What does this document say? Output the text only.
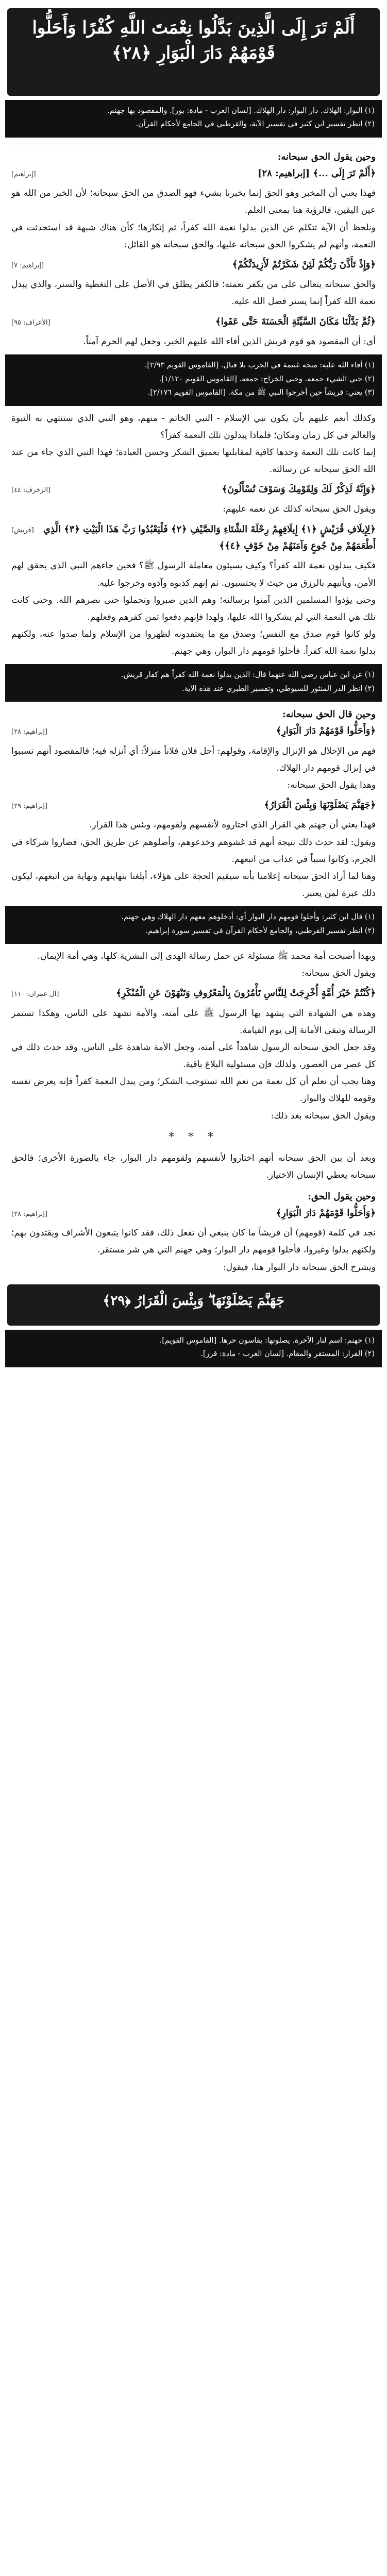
أَلَمْ تَرَ إِلَى الَّذِينَ بَدَّلُوا نِعْمَتَ اللَّهِ كُفْرًا وَأَحَلُّوا قَوْمَهُمْ دَارَ الْبَوَارِ ﴿٢٨﴾

(١) البوار: الهلاك. دار البوار: دار الهلاك. [لسان العرب - مادة: بور]. والمقصود بها جهنم.

(٢) انظر تفسير ابن كثير في تفسير الآية، والقرطبي في الجامع لأحكام القرآن.

وحين يقول الحق سبحانه:
﴿أَلَمْ تَرَ إِلَى ...﴾ [إبراهيم: ٢٨]
[إبراهيم]

فهذا يعني أن المخبر وهو الحق إنما يخبرنا بشيء فهو الصدق من الحق سبحانه؛ لأن الخبر من الله هو عين اليقين، فالرؤية هنا بمعنى العلم.

ونلحظ أن الآية تتكلم عن الذين بدلوا نعمة الله كفراً، ثم إنكارها؛ كأن هناك شبهة قد استحدثت في النعمة، وأنهم لم يشكروا الحق سبحانه عليها، والحق سبحانه هو القائل:

﴿وَإِذْ تَأَذَّنَ رَبُّكُمْ لَئِنْ شَكَرْتُمْ لَأَزِيدَنَّكُمْ﴾
[إبراهيم: ٧]

والحق سبحانه يتعالى على من يكفر نعمته؛ فالكفر يطلق في الأصل على التغطية والستر، والذي يبدل نعمة الله كفراً إنما يستر فضل الله عليه.

﴿ثُمَّ بَدَّلْنَا مَكَانَ السَّيِّئَةِ الْحَسَنَةَ حَتَّى عَفَوا﴾
[الأعراف: ٩٥]

أي: أن المقصود هو قوم قريش الذين أفاء الله عليهم الخير، وجعل لهم الحرم آمناً.

(١) أفاء الله عليه: منحه غنيمة في الحرب بلا قتال. [القاموس القويم ٢/٩٣].

(٢) جبي الشيء جمعه. وجبي الخراج: جمعه. [القاموس القويم ١/١٢٠].

(٣) يعني: قريشاً حين أخرجوا النبي ﷺ من مكة. [القاموس القويم ٢/١٧٦].

وكذلك أنعم عليهم بأن يكون نبي الإسلام - النبي الخاتم - منهم، وهو النبي الذي ستنتهي به النبوة والعالم في كل زمان ومكان؛ فلماذا يبدلون تلك النعمة كفراً؟

إنما كانت تلك النعمة وحدها كافية لمقابلتها بعميق الشكر وحسن العبادة؛ فهذا النبي الذي جاء من عند الله الحق سبحانه عن رسالته.

﴿وَإِنَّهُ لَذِكْرٌ لَكَ وَلِقَوْمِكَ وَسَوْفَ تُسْأَلُونَ﴾
[الزخرف: ٤٤]

ويقول الحق سبحانه كذلك عن نعمه عليهم:

﴿لِإِيلَافِ قُرَيْشٍ ﴿١﴾ إِيلَافِهِمْ رِحْلَةَ الشِّتَاءِ وَالصَّيْفِ ﴿٢﴾ فَلْيَعْبُدُوا رَبَّ هَذَا الْبَيْتِ ﴿٣﴾ الَّذِي أَطْعَمَهُمْ مِنْ جُوعٍ وَآمَنَهُمْ مِنْ خَوْفٍ ﴿٤﴾﴾
[قريش]

فكيف يبدلون نعمة الله كفراً؟ وكيف يسيئون معاملة الرسول ﷺ؟ فحين جاءهم النبي الذي يحقق لهم الأمن، ويأتيهم بالرزق من حيث لا يحتسبون. ثم إنهم كذبوه وآذوه وخرجوا عليه.

وحتى يؤذوا المسلمين الذين آمنوا برسالته؛ وهم الذين صبروا وتحملوا حتى نصرهم الله. وحتى كانت تلك هي النعمة التي لم يشكروا الله عليها، ولهذا فإنهم دفعوا ثمن كفرهم وفعلهم.

ولو كانوا قوم صدق مع النفس؛ وصدق مع ما يعتقدونه لظهروا من الإسلام ولما صدوا عنه، ولكنهم بدلوا نعمة الله كفراً. فأحلوا قومهم دار البوار، وهي جهنم.

(١) عن ابن عباس رضي الله عنهما قال: الذين بدلوا نعمة الله كفراً هم كفار قريش.

(٢) انظر الدر المنثور للسيوطي، وتفسير الطبري عند هذه الآية.

وحين قال الحق سبحانه:
﴿وَأَحَلُّوا قَوْمَهُمْ دَارَ الْبَوَارِ﴾
[إبراهيم: ٢٨]

فهم من الإحلال هو الإنزال والإقامة، وقولهم: أحل فلان فلاناً منزلاً: أي أنزله فيه؛ فالمقصود أنهم تسببوا في إنزال قومهم دار الهلاك.

وهذا يقول الحق سبحانه:

﴿جَهَنَّمَ يَصْلَوْنَهَا وَبِئْسَ الْقَرَارُ﴾
[إبراهيم: ٢٩]

فهذا يعني أن جهنم هي القرار الذي اختاروه لأنفسهم ولقومهم، وبئس هذا القرار.

ويقول: لقد حدث ذلك نتيجة أنهم قد غشوهم وخدعوهم، وأضلوهم عن طريق الحق، فصاروا شركاء في الجرم، وكانوا سبباً في عذاب من اتبعهم.

وهنا لما أراد الحق سبحانه إعلامنا بأنه سيقيم الحجة على هؤلاء، أبلغنا بنهايتهم ونهاية من اتبعهم، ليكون ذلك عبرة لمن يعتبر.

(١) قال ابن كثير: وأحلوا قومهم دار البوار أي: أدخلوهم معهم دار الهلاك وهي جهنم.

(٢) انظر تفسير القرطبي، والجامع لأحكام القرآن في تفسير سورة إبراهيم.

وبهذا أصبحت أمة محمد ﷺ مسئولة عن حمل رسالة الهدى إلى البشرية كلها، وهي أمة الإيمان.

ويقول الحق سبحانه:

﴿كُنْتُمْ خَيْرَ أُمَّةٍ أُخْرِجَتْ لِلنَّاسِ تَأْمُرُونَ بِالْمَعْرُوفِ وَتَنْهَوْنَ عَنِ الْمُنْكَرِ﴾
[آل عمران: ١١٠]

وهذه هي الشهادة التي يشهد بها الرسول ﷺ على أمته، والأمة تشهد على الناس، وهكذا تستمر الرسالة وتبقى الأمانة إلى يوم القيامة.

وقد جعل الحق سبحانه الرسول شاهداً على أمته، وجعل الأمة شاهدة على الناس، وقد حدث ذلك في كل عصر من العصور، ولذلك فإن مسئولية البلاغ باقية.

وهنا يجب أن نعلم أن كل نعمة من نعم الله تستوجب الشكر؛ ومن يبدل النعمة كفراً فإنه يعرض نفسه وقومه للهلاك والبوار.

ويقول الحق سبحانه بعد ذلك:

* * *

وبعد أن بين الحق سبحانه أنهم اختاروا لأنفسهم ولقومهم دار البوار، جاء بالصورة الأخرى؛ فالحق سبحانه يعطي الإنسان الاختيار.

وحين يقول الحق:
﴿وَأَحَلُّوا قَوْمَهُمْ دَارَ الْبَوَارِ﴾
[إبراهيم: ٢٨]

نجد في كلمة (قومهم) أن قريشاً ما كان ينبغي أن تفعل ذلك، فقد كانوا يتبعون الأشراف ويقتدون بهم؛ ولكنهم بدلوا وغيروا، فأحلوا قومهم دار البوار؛ وهي جهنم التي هي شر مستقر.

ويشرح الحق سبحانه دار البوار هنا، فيقول:

جَهَنَّمَ يَصْلَوْنَهَا ۖ وَبِئْسَ الْقَرَارُ ﴿٢٩﴾

(١) جهنم: اسم لنار الآخرة. يصلونها: يقاسون حرها. [القاموس القويم].

(٢) القرار: المستقر والمقام. [لسان العرب - مادة: قرر].
